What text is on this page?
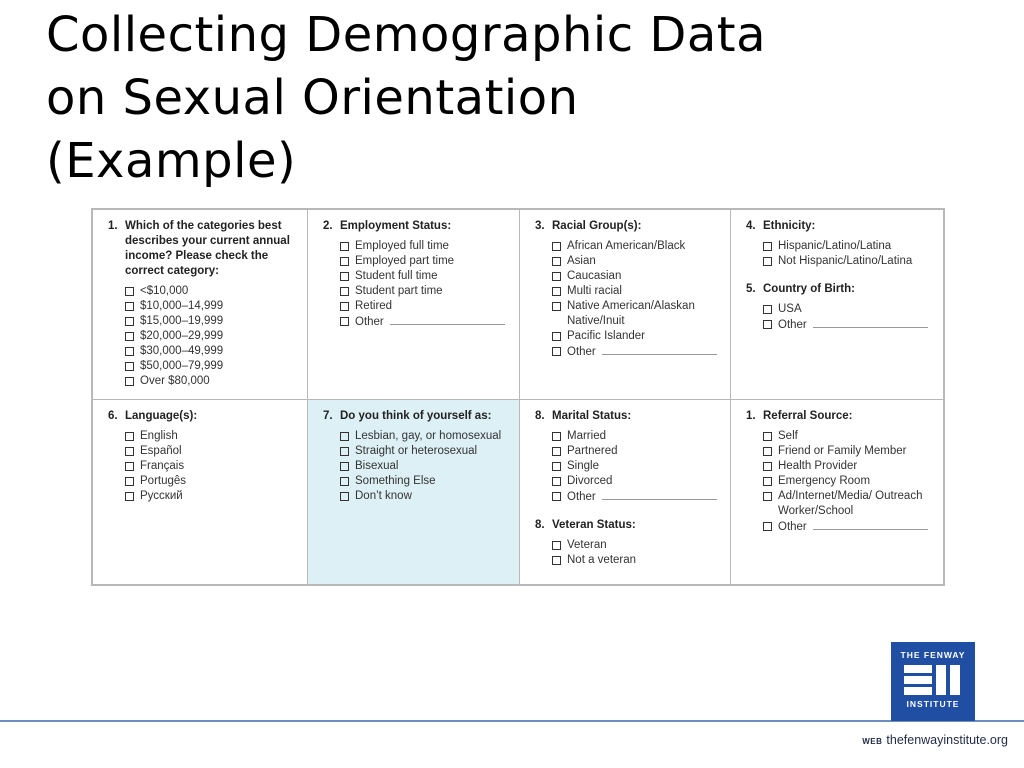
Collecting Demographic Data
on Sexual Orientation
(Example)
1. Which of the categories best describes your current annual income? Please check the correct category:
<$10,000
$10,000–14,999
$15,000–19,999
$20,000–29,999
$30,000–49,999
$50,000–79,999
Over $80,000
2. Employment Status:
Employed full time
Employed part time
Student full time
Student part time
Retired
Other
3. Racial Group(s):
African American/Black
Asian
Caucasian
Multi racial
Native American/Alaskan Native/Inuit
Pacific Islander
Other
4. Ethnicity:
Hispanic/Latino/Latina
Not Hispanic/Latino/Latina
5. Country of Birth:
USA
Other
6. Language(s):
English
Español
Français
Portugês
Русский
7. Do you think of yourself as:
Lesbian, gay, or homosexual
Straight or heterosexual
Bisexual
Something Else
Don’t know
8. Marital Status:
Married
Partnered
Single
Divorced
Other
8. Veteran Status:
Veteran
Not a veteran
1. Referral Source:
Self
Friend or Family Member
Health Provider
Emergency Room
Ad/Internet/Media/ Outreach Worker/School
Other
THE FENWAY
INSTITUTE
WEB thefenwayinstitute.org
